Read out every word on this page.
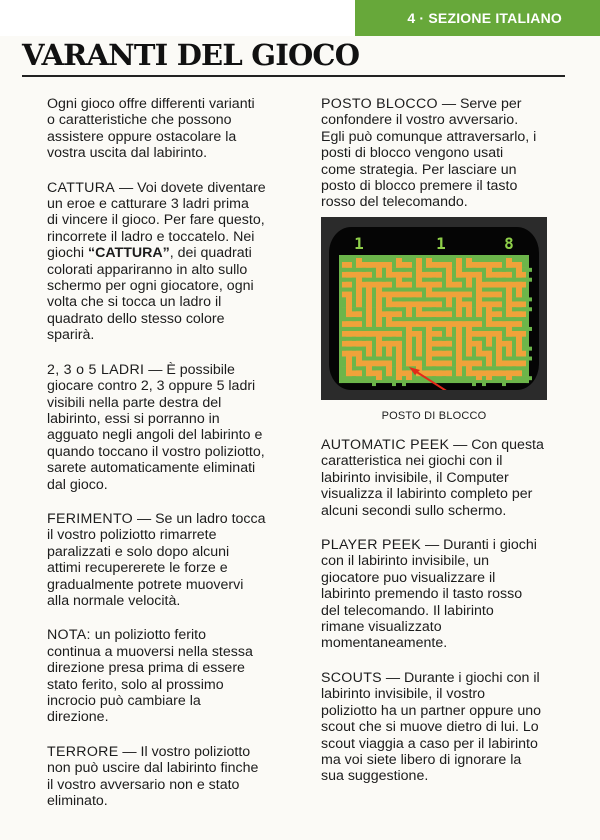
4 · SEZIONE ITALIANO
VARANTI DEL GIOCO

Ogni gioco offre differenti varianti
o caratteristiche che possono
assistere oppure ostacolare la
vostra uscita dal labirinto.

CATTURA — Voi dovete diventare
un eroe e catturare 3 ladri prima
di vincere il gioco. Per fare questo,
rincorrete il ladro e toccatelo. Nei
giochi “CATTURA”, dei quadrati
colorati appariranno in alto sullo
schermo per ogni giocatore, ogni
volta che si tocca un ladro il
quadrato dello stesso colore
sparirà.

2, 3 o 5 LADRI — È possibile
giocare contro 2, 3 oppure 5 ladri
visibili nella parte destra del
labirinto, essi si porranno in
agguato negli angoli del labirinto e
quando toccano il vostro poliziotto,
sarete automaticamente eliminati
dal gioco.

FERIMENTO — Se un ladro tocca
il vostro poliziotto rimarrete
paralizzati e solo dopo alcuni
attimi recupererete le forze e
gradualmente potrete muovervi
alla normale velocità.

NOTA: un poliziotto ferito
continua a muoversi nella stessa
direzione presa prima di essere
stato ferito, solo al prossimo
incrocio può cambiare la
direzione.

TERRORE — Il vostro poliziotto
non può uscire dal labirinto finche
il vostro avversario non e stato
eliminato.

POSTO BLOCCO — Serve per
confondere il vostro avversario.
Egli può comunque attraversarlo, i
posti di blocco vengono usati
come strategia. Per lasciare un
posto di blocco premere il tasto
rosso del telecomando.

1	1	8
POSTO DI BLOCCO

AUTOMATIC PEEK — Con questa
caratteristica nei giochi con il
labirinto invisibile, il Computer
visualizza il labirinto completo per
alcuni secondi sullo schermo.

PLAYER PEEK — Duranti i giochi
con il labirinto invisibile, un
giocatore puo visualizzare il
labirinto premendo il tasto rosso
del telecomando. Il labirinto
rimane visualizzato
momentaneamente.

SCOUTS — Durante i giochi con il
labirinto invisibile, il vostro
poliziotto ha un partner oppure uno
scout che si muove dietro di lui. Lo
scout viaggia a caso per il labirinto
ma voi siete libero di ignorare la
sua suggestione.
